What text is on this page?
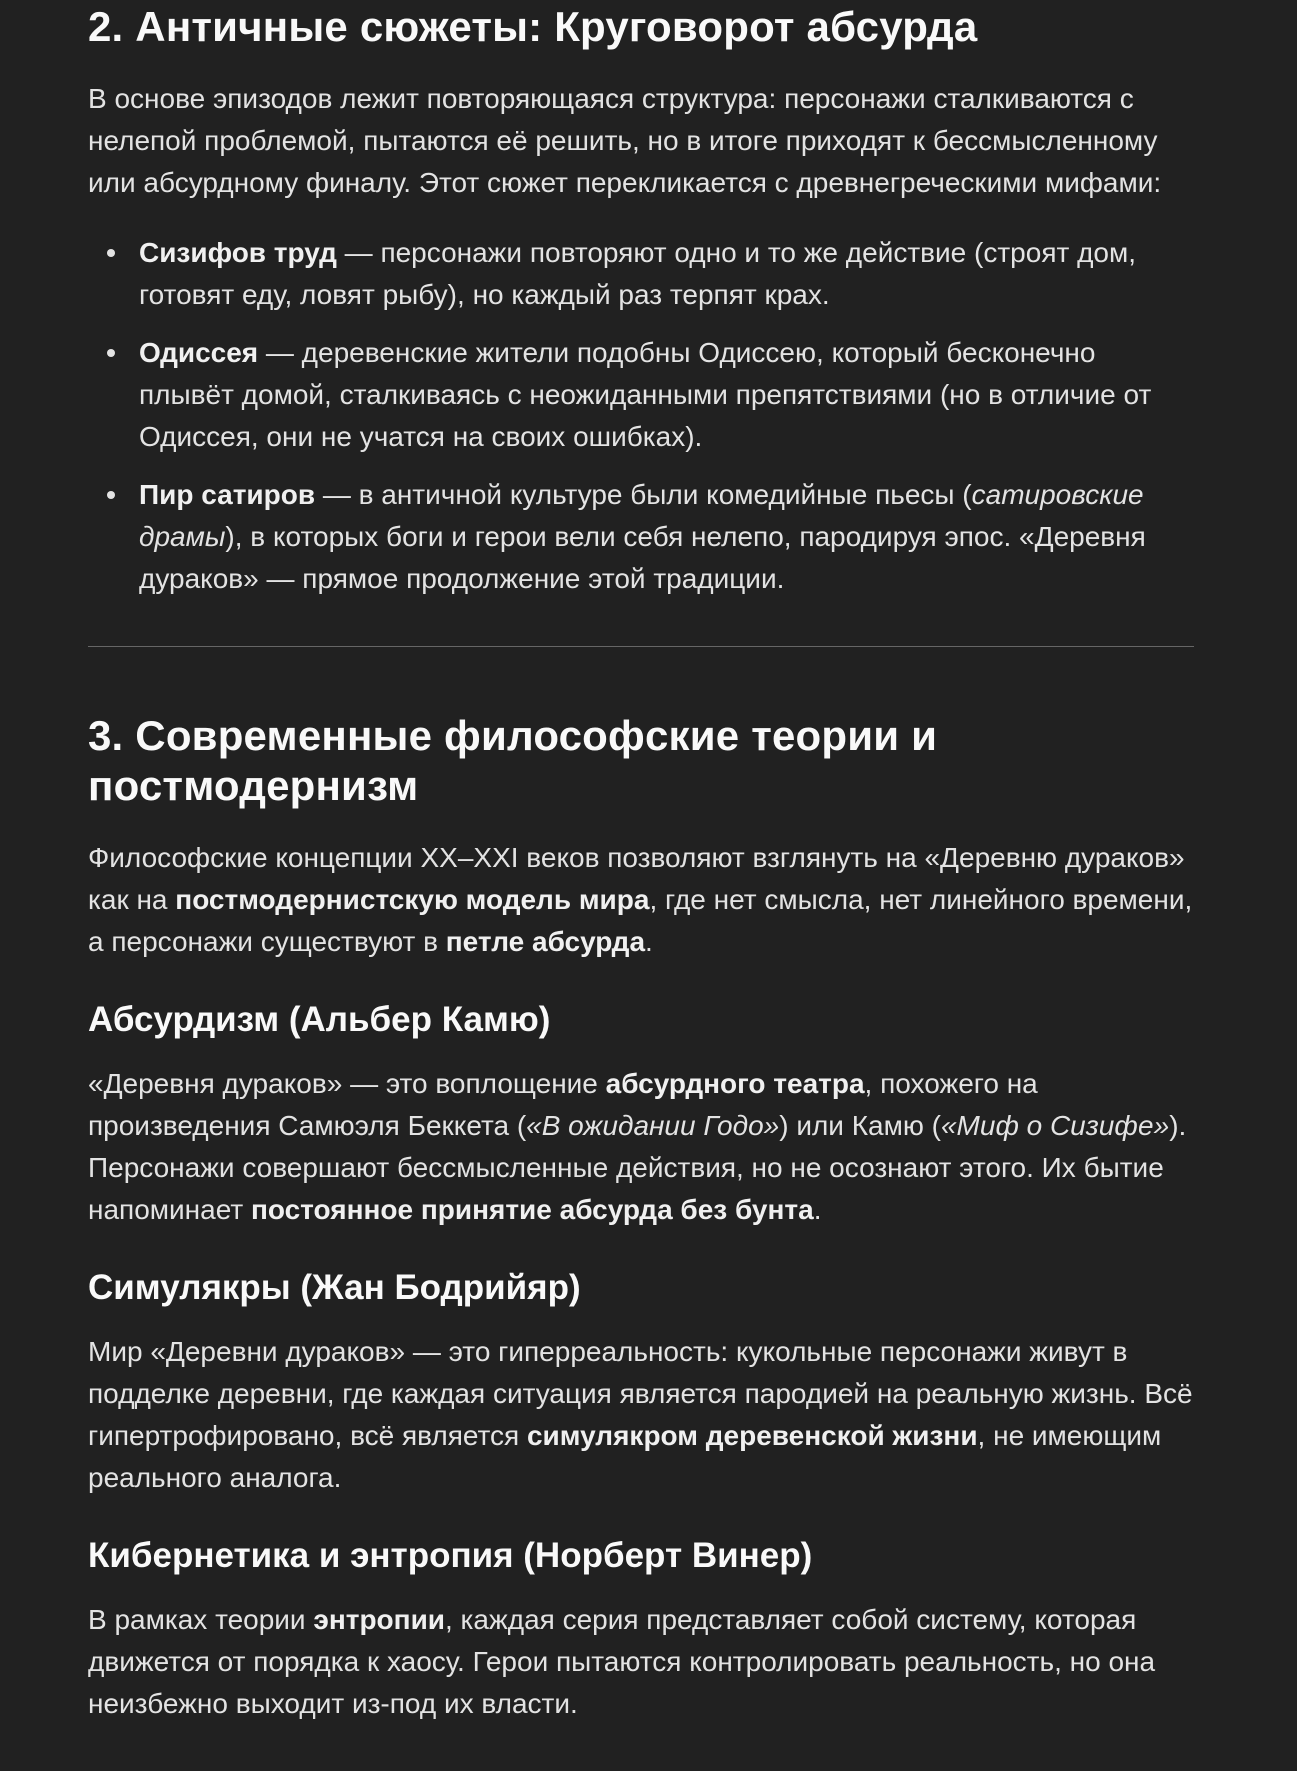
2. Античные сюжеты: Круговорот абсурда

В основе эпизодов лежит повторяющаяся структура: персонажи сталкиваются с нелепой проблемой, пытаются её решить, но в итоге приходят к бессмысленному или абсурдному финалу. Этот сюжет перекликается с древнегреческими мифами:

Сизифов труд — персонажи повторяют одно и то же действие (строят дом, готовят еду, ловят рыбу), но каждый раз терпят крах.
Одиссея — деревенские жители подобны Одиссею, который бесконечно плывёт домой, сталкиваясь с неожиданными препятствиями (но в отличие от Одиссея, они не учатся на своих ошибках).
Пир сатиров — в античной культуре были комедийные пьесы (сатировские драмы), в которых боги и герои вели себя нелепо, пародируя эпос. «Деревня дураков» — прямое продолжение этой традиции.
3. Современные философские теории и постмодернизм

Философские концепции XX–XXI веков позволяют взглянуть на «Деревню дураков» как на постмодернистскую модель мира, где нет смысла, нет линейного времени, а персонажи существуют в петле абсурда.

Абсурдизм (Альбер Камю)

«Деревня дураков» — это воплощение абсурдного театра, похожего на произведения Самюэля Беккета («В ожидании Годо») или Камю («Миф о Сизифе»). Персонажи совершают бессмысленные действия, но не осознают этого. Их бытие напоминает постоянное принятие абсурда без бунта.

Симулякры (Жан Бодрийяр)

Мир «Деревни дураков» — это гиперреальность: кукольные персонажи живут в подделке деревни, где каждая ситуация является пародией на реальную жизнь. Всё гипертрофировано, всё является симулякром деревенской жизни, не имеющим реального аналога.

Кибернетика и энтропия (Норберт Винер)

В рамках теории энтропии, каждая серия представляет собой систему, которая движется от порядка к хаосу. Герои пытаются контролировать реальность, но она неизбежно выходит из-под их власти.
